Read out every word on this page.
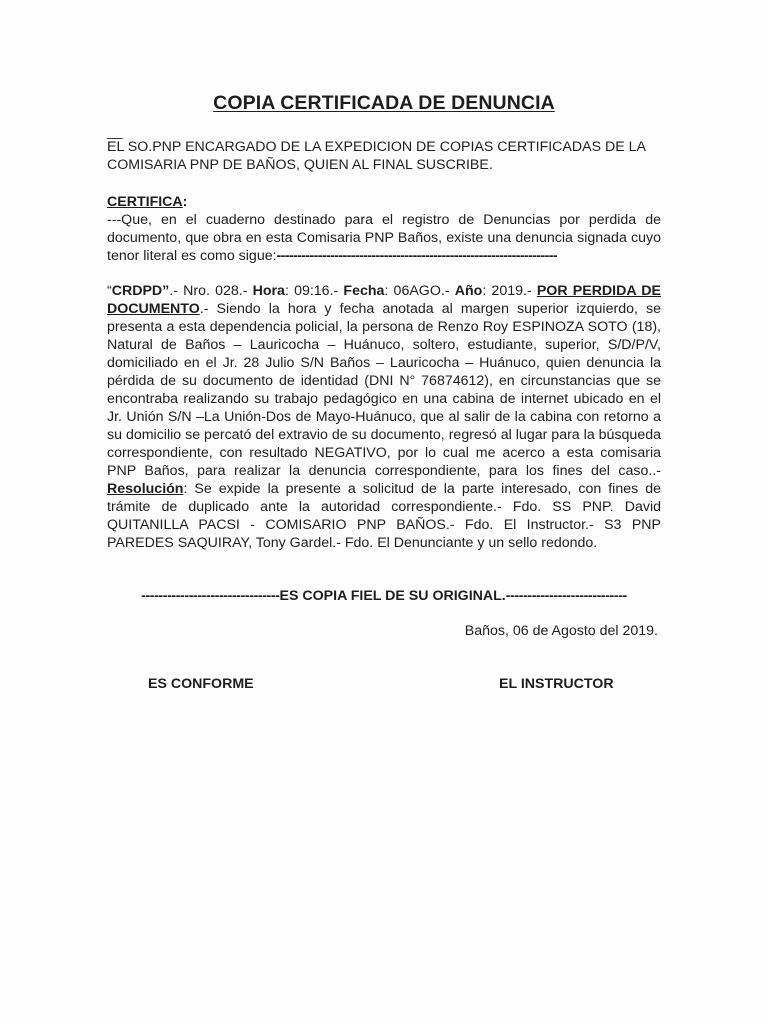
COPIA CERTIFICADA DE DENUNCIA
__
EL SO.PNP ENCARGADO DE LA EXPEDICION DE COPIAS CERTIFICADAS DE LA COMISARIA PNP DE BAÑOS, QUIEN AL FINAL SUSCRIBE.
CERTIFICA:
---Que, en el cuaderno destinado para el registro de Denuncias por perdida de documento, que obra en esta Comisaria PNP Baños, existe una denuncia signada cuyo tenor literal es como sigue:--------------------------------------------------------------------
“CRDPD”.- Nro. 028.- Hora: 09:16.- Fecha: 06AGO.- Año: 2019.- POR PERDIDA DE DOCUMENTO.- Siendo la hora y fecha anotada al margen superior izquierdo, se presenta a esta dependencia policial, la persona de Renzo Roy ESPINOZA SOTO (18), Natural de Baños – Lauricocha – Huánuco, soltero, estudiante, superior, S/D/P/V, domiciliado en el Jr. 28 Julio S/N Baños – Lauricocha – Huánuco, quien denuncia la pérdida de su documento de identidad (DNI N° 76874612), en circunstancias que se encontraba realizando su trabajo pedagógico en una cabina de internet ubicado en el Jr. Unión S/N –La Unión-Dos de Mayo-Huánuco, que al salir de la cabina con retorno a su domicilio se percató del extravio de su documento, regresó al lugar para la búsqueda correspondiente, con resultado NEGATIVO, por lo cual me acerco a esta comisaria PNP Baños, para realizar la denuncia correspondiente, para los fines del caso..-Resolución: Se expide la presente a solicitud de la parte interesado, con fines de trámite de duplicado ante la autoridad correspondiente.- Fdo. SS PNP. David QUITANILLA PACSI - COMISARIO PNP BAÑOS.- Fdo. El Instructor.- S3 PNP PAREDES SAQUIRAY, Tony Gardel.- Fdo. El Denunciante y un sello redondo.
--------------------------------ES COPIA FIEL DE SU ORIGINAL.----------------------------
Baños, 06 de Agosto del 2019.
ES CONFORME	EL INSTRUCTOR
